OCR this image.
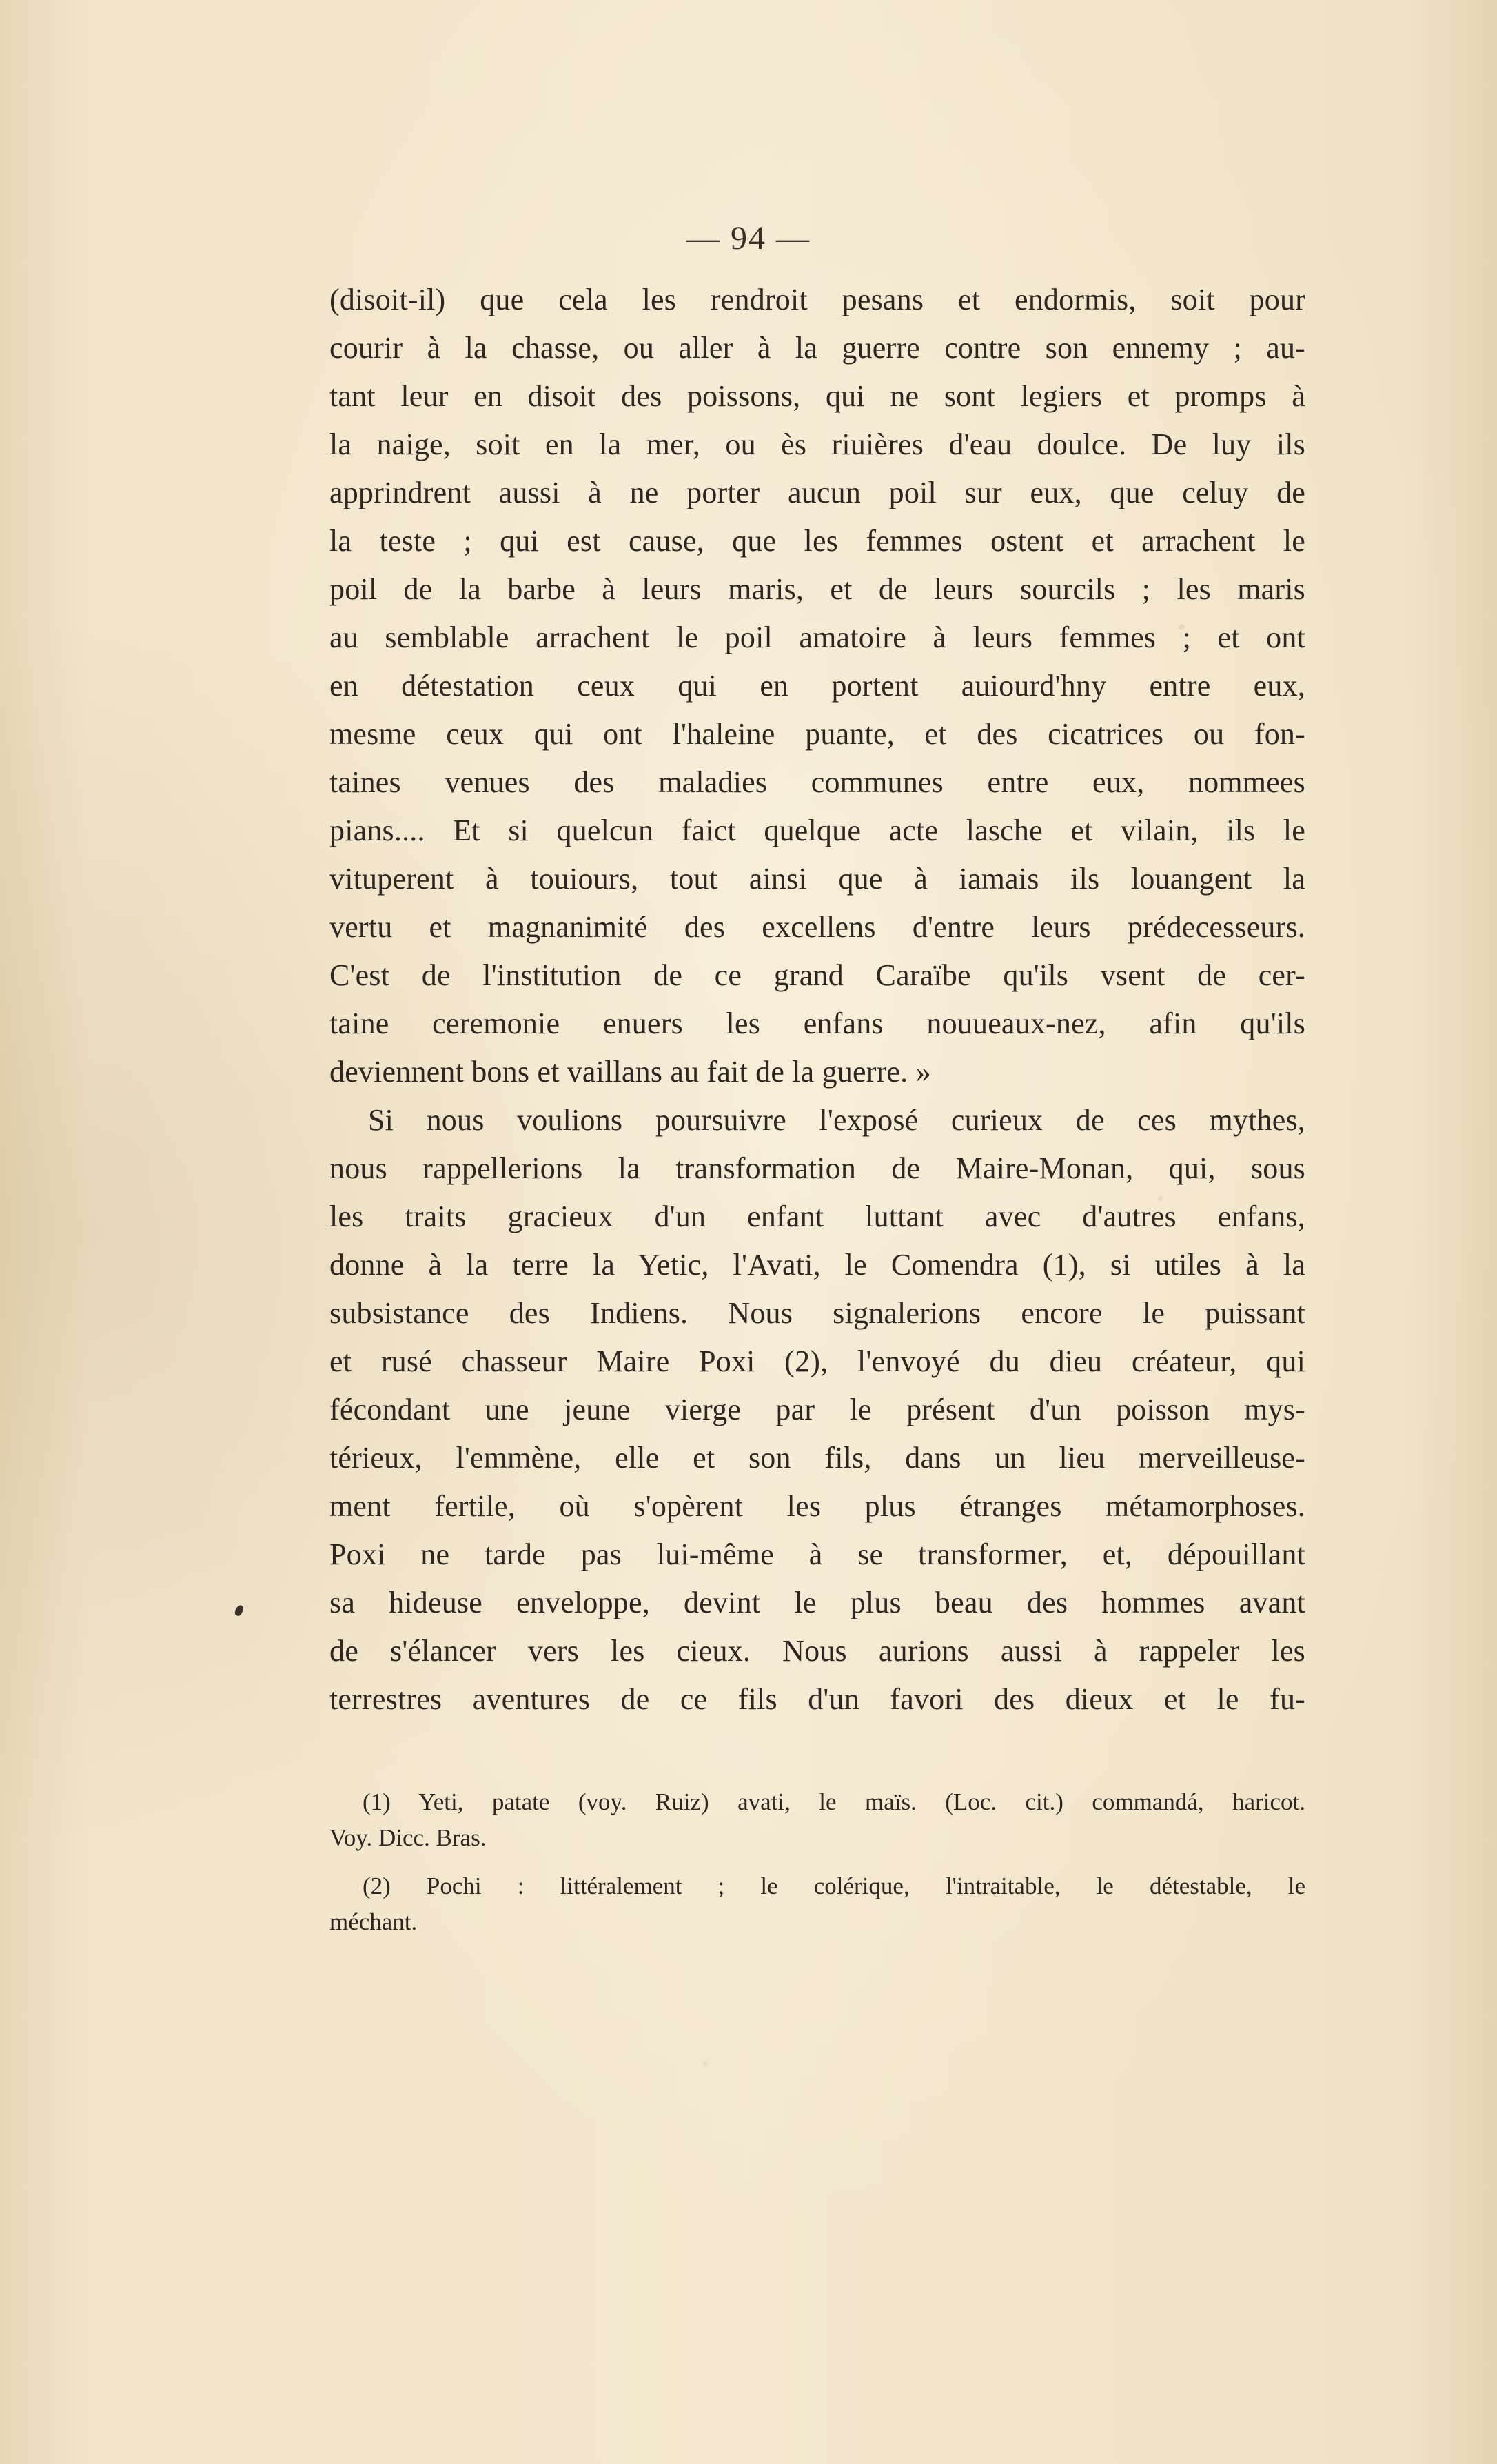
— 94 —
(disoit-il) que cela les rendroit pesans et endormis, soit pour
courir à la chasse, ou aller à la guerre contre son ennemy ; au-
tant leur en disoit des poissons, qui ne sont legiers et promps à
la naige, soit en la mer, ou ès riuières d'eau doulce. De luy ils
apprindrent aussi à ne porter aucun poil sur eux, que celuy de
la teste ; qui est cause, que les femmes ostent et arrachent le
poil de la barbe à leurs maris, et de leurs sourcils ; les maris
au semblable arrachent le poil amatoire à leurs femmes ; et ont
en détestation ceux qui en portent auiourd'hny entre eux,
mesme ceux qui ont l'haleine puante, et des cicatrices ou fon-
taines venues des maladies communes entre eux, nommees
pians.... Et si quelcun faict quelque acte lasche et vilain, ils le
vituperent à touiours, tout ainsi que à iamais ils louangent la
vertu et magnanimité des excellens d'entre leurs prédecesseurs.
C'est de l'institution de ce grand Caraïbe qu'ils vsent de cer-
taine ceremonie enuers les enfans nouueaux-nez, afin qu'ils
deviennent bons et vaillans au fait de la guerre. »
Si nous voulions poursuivre l'exposé curieux de ces mythes,
nous rappellerions la transformation de Maire-Monan, qui, sous
les traits gracieux d'un enfant luttant avec d'autres enfans,
donne à la terre la Yetic, l'Avati, le Comendra (1), si utiles à la
subsistance des Indiens. Nous signalerions encore le puissant
et rusé chasseur Maire Poxi (2), l'envoyé du dieu créateur, qui
fécondant une jeune vierge par le présent d'un poisson mys-
térieux, l'emmène, elle et son fils, dans un lieu merveilleuse-
ment fertile, où s'opèrent les plus étranges métamorphoses.
Poxi ne tarde pas lui-même à se transformer, et, dépouillant
sa hideuse enveloppe, devint le plus beau des hommes avant
de s'élancer vers les cieux. Nous aurions aussi à rappeler les
terrestres aventures de ce fils d'un favori des dieux et le fu-
(1) Yeti, patate (voy. Ruiz) avati, le maïs. (Loc. cit.) commandá, haricot.
Voy. Dicc. Bras.
(2) Pochi : littéralement ; le colérique, l'intraitable, le détestable, le
méchant.
